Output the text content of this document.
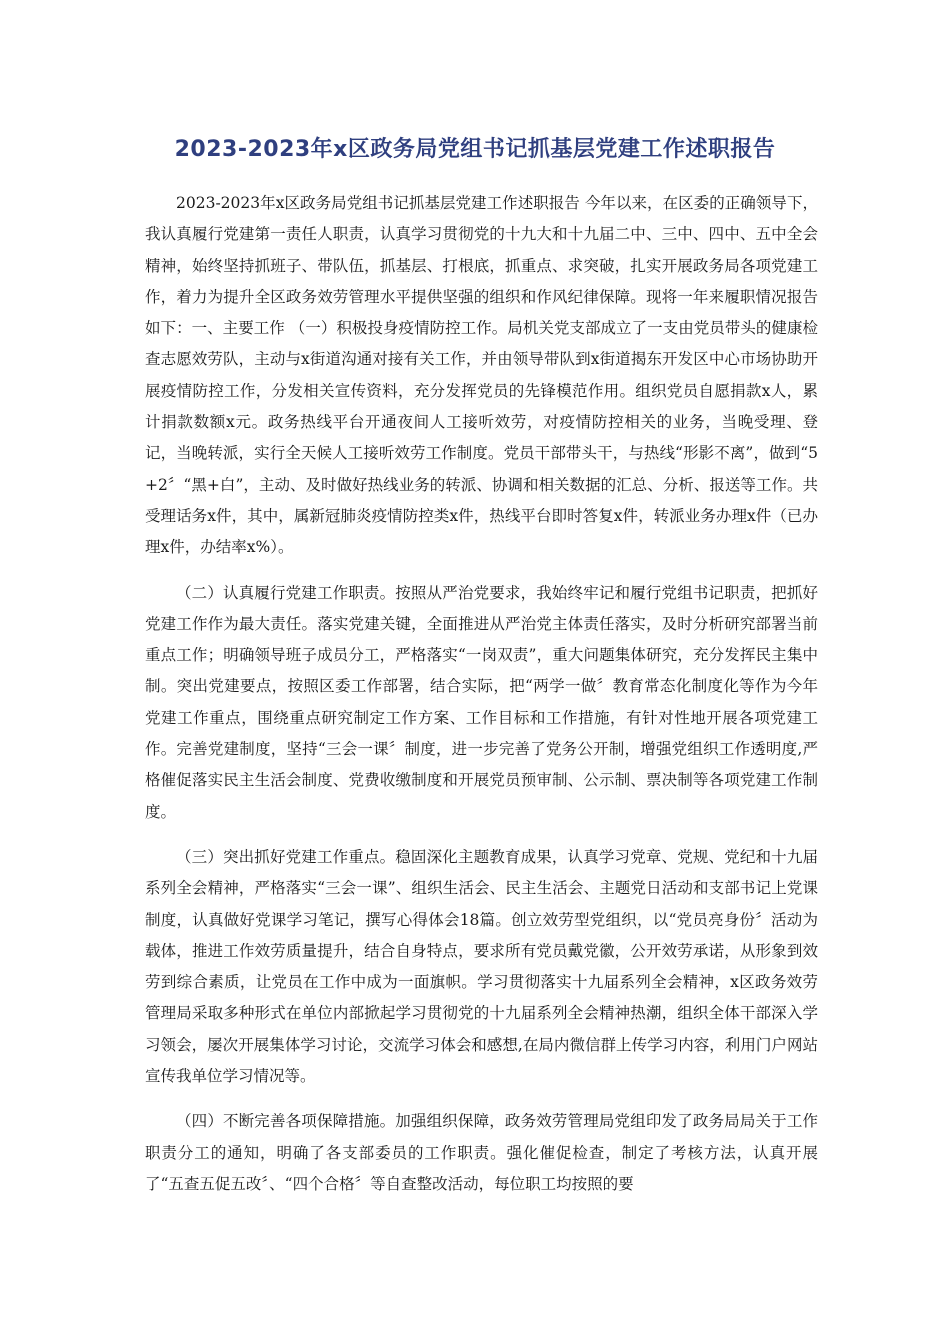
2023-2023年x区政务局党组书记抓基层党建工作述职报告

2023-2023年x区政务局党组书记抓基层党建工作述职报告 今年以来，在区委的正确领导下，我认真履行党建第一责任人职责，认真学习贯彻党的十九大和十九届二中、三中、四中、五中全会精神，始终坚持抓班子、带队伍，抓基层、打根底，抓重点、求突破，扎实开展政务局各项党建工作，着力为提升全区政务效劳管理水平提供坚强的组织和作风纪律保障。现将一年来履职情况报告如下：一、主要工作 （一）积极投身疫情防控工作。局机关党支部成立了一支由党员带头的健康检查志愿效劳队，主动与x街道沟通对接有关工作，并由领导带队到x街道揭东开发区中心市场协助开展疫情防控工作，分发相关宣传资料，充分发挥党员的先锋模范作用。组织党员自愿捐款x人，累计捐款数额x元。政务热线平台开通夜间人工接听效劳，对疫情防控相关的业务，当晚受理、登记，当晚转派，实行全天候人工接听效劳工作制度。党员干部带头干，与热线“形影不离”，做到“5+2〞“黑+白”，主动、及时做好热线业务的转派、协调和相关数据的汇总、分析、报送等工作。共受理话务x件，其中，属新冠肺炎疫情防控类x件，热线平台即时答复x件，转派业务办理x件（已办理x件，办结率x%）。

（二）认真履行党建工作职责。按照从严治党要求，我始终牢记和履行党组书记职责，把抓好党建工作作为最大责任。落实党建关键，全面推进从严治党主体责任落实，及时分析研究部署当前重点工作；明确领导班子成员分工，严格落实“一岗双责”，重大问题集体研究，充分发挥民主集中制。突出党建要点，按照区委工作部署，结合实际，把“两学一做〞教育常态化制度化等作为今年党建工作重点，围绕重点研究制定工作方案、工作目标和工作措施，有针对性地开展各项党建工作。完善党建制度，坚持“三会一课〞制度，进一步完善了党务公开制，增强党组织工作透明度,严格催促落实民主生活会制度、党费收缴制度和开展党员预审制、公示制、票决制等各项党建工作制度。

（三）突出抓好党建工作重点。稳固深化主题教育成果，认真学习党章、党规、党纪和十九届系列全会精神，严格落实“三会一课”、组织生活会、民主生活会、主题党日活动和支部书记上党课制度，认真做好党课学习笔记，撰写心得体会18篇。创立效劳型党组织，以“党员亮身份〞活动为载体，推进工作效劳质量提升，结合自身特点，要求所有党员戴党徽，公开效劳承诺，从形象到效劳到综合素质，让党员在工作中成为一面旗帜。学习贯彻落实十九届系列全会精神，x区政务效劳管理局采取多种形式在单位内部掀起学习贯彻党的十九届系列全会精神热潮，组织全体干部深入学习领会，屡次开展集体学习讨论，交流学习体会和感想,在局内微信群上传学习内容，利用门户网站宣传我单位学习情况等。

（四）不断完善各项保障措施。加强组织保障，政务效劳管理局党组印发了政务局局关于工作职责分工的通知，明确了各支部委员的工作职责。强化催促检查，制定了考核方法，认真开展了“五查五促五改〞、“四个合格〞等自查整改活动，每位职工均按照的要
